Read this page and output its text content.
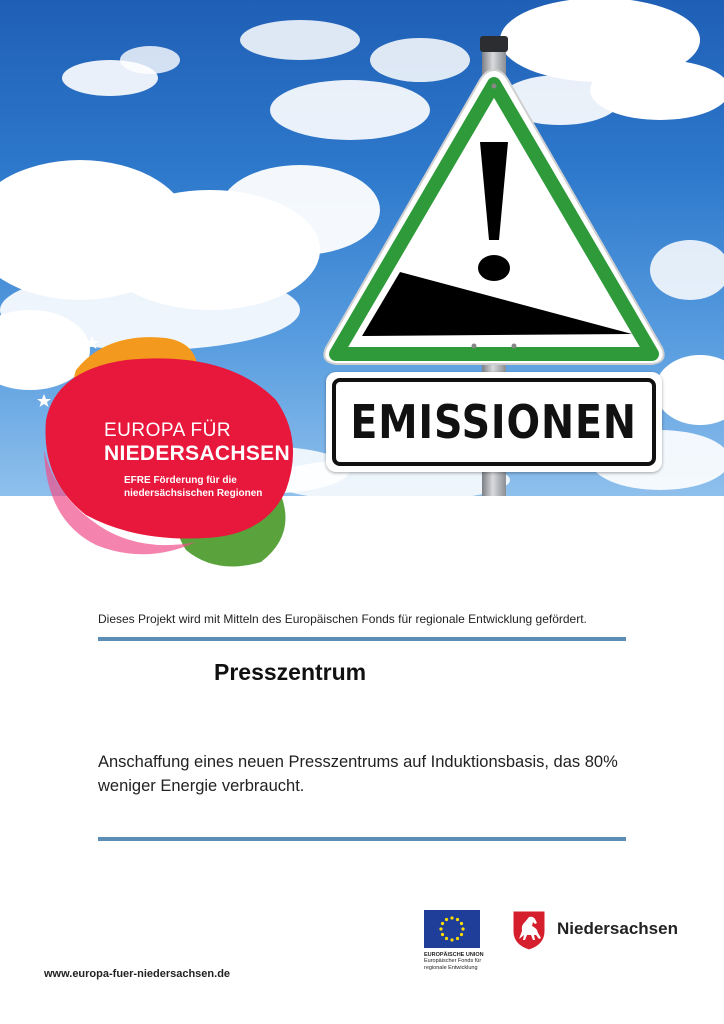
EMISSIONEN
EUROPA FÜR
NIEDERSACHSEN
EFRE Förderung für die
niedersächsischen Regionen
Dieses Projekt wird mit Mitteln des Europäischen Fonds für regionale Entwicklung gefördert.
Presszentrum
Anschaffung eines neuen Presszentrums auf Induktionsbasis, das 80% weniger Energie verbraucht.
EUROPÄISCHE UNION
Europäischer Fonds für regionale Entwicklung
Niedersachsen
www.europa-fuer-niedersachsen.de
